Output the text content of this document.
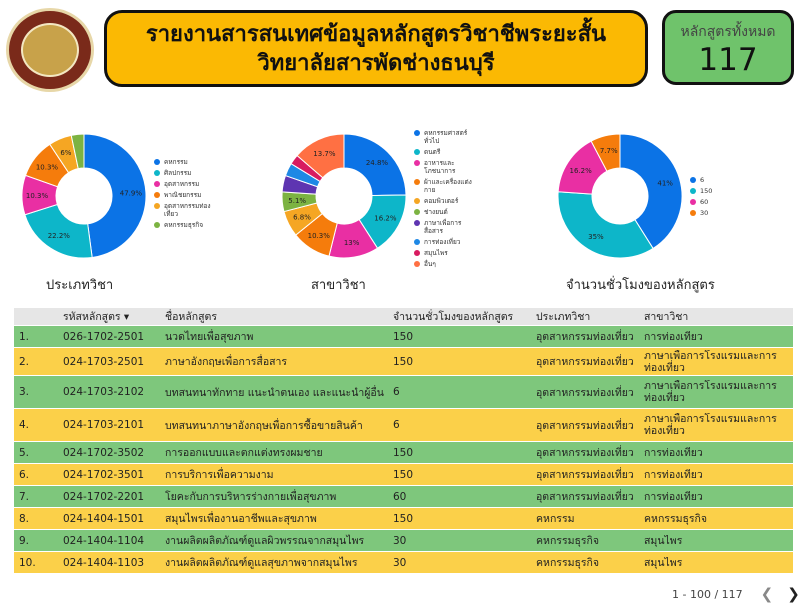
รายงานสารสนเทศข้อมูลหลักสูตรวิชาชีพระยะสั้น
วิทยาลัยสารพัดช่างธนบุรี
หลักสูตรทั้งหมด
117
47.9%
22.2%
10.3%
10.3%
6%
คหกรรม
ศิลปกรรม
อุตสาหกรรม
พาณิชยกรรม
อุตสาหกรรมท่องเที่ยว
คหกรรมธุรกิจ
ประเภทวิชา
24.8%
16.2%
13%
10.3%
6.8%
5.1%
13.7%
คหกรรมศาสตร์ทั่วไป
ดนตรี
อาหารและโภชนาการ
ผ้าและเครื่องแต่งกาย
คอมพิวเตอร์
ช่างยนต์
ภาษาเพื่อการสื่อสาร
การท่องเที่ยว
สมุนไพร
อื่นๆ
สาขาวิชา
41%
35%
16.2%
7.7%
6
150
60
30
จำนวนชั่วโมงของหลักสูตร
รหัสหลักสูตร ▾	ชื่อหลักสูตร	จำนวนชั่วโมงของหลักสูตร	ประเภทวิชา	สาขาวิชา
1.	026-1702-2501	นวดไทยเพื่อสุขภาพ	150	อุตสาหกรรมท่องเที่ยว การท่องเที่ยว
2.	024-1703-2501	ภาษาอังกฤษเพื่อการสื่อสาร	150	อุตสาหกรรมท่องเที่ยว
ภาษาเพื่อการโรงแรมและการท่องเที่ยว
3.	024-1703-2102	บทสนทนาทักทาย แนะนำตนเอง และแนะนำผู้อื่น 6	อุตสาหกรรมท่องเที่ยว
ภาษาเพื่อการโรงแรมและการท่องเที่ยว
4.	024-1703-2101	บทสนทนาภาษาอังกฤษเพื่อการซื้อขายสินค้า	6	อุตสาหกรรมท่องเที่ยว
ภาษาเพื่อการโรงแรมและการท่องเที่ยว
5.	024-1702-3502	การออกแบบและตกแต่งทรงผมชาย	150	อุตสาหกรรมท่องเที่ยว การท่องเที่ยว
6.	024-1702-3501	การบริการเพื่อความงาม	150	อุตสาหกรรมท่องเที่ยว การท่องเที่ยว
7.	024-1702-2201	โยคะกับการบริหารร่างกายเพื่อสุขภาพ	60	อุตสาหกรรมท่องเที่ยว การท่องเที่ยว
8.	024-1404-1501	สมุนไพรเพื่องานอาชีพและสุขภาพ	150	คหกรรม	คหกรรมธุรกิจ
9.	024-1404-1104	งานผลิตผลิตภัณฑ์ดูแลผิวพรรณจากสมุนไพร	30	คหกรรมธุรกิจ	สมุนไพร
10.	024-1404-1103	งานผลิตผลิตภัณฑ์ดูแลสุขภาพจากสมุนไพร	30	คหกรรมธุรกิจ	สมุนไพร
1 - 100 / 117 ❮ ❯
